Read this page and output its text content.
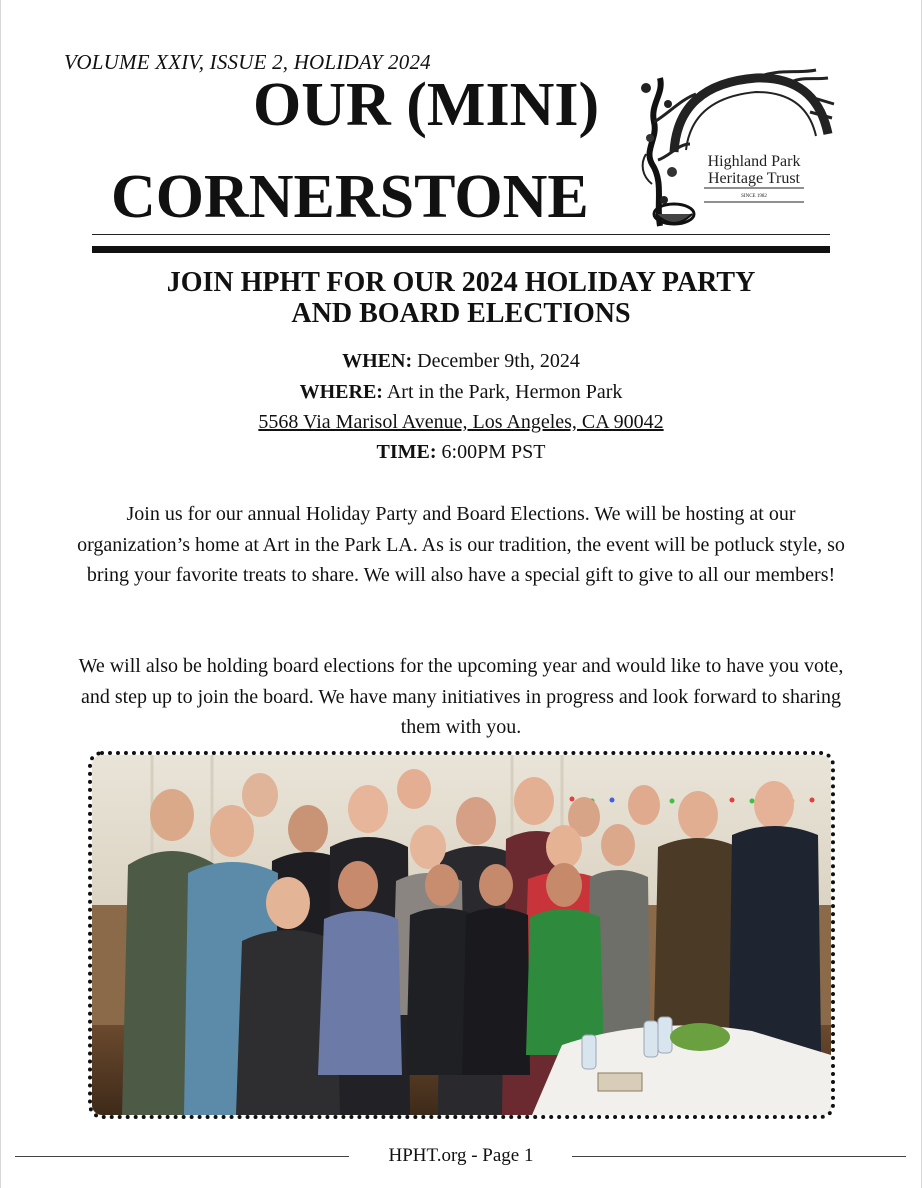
VOLUME XXIV, ISSUE 2, HOLIDAY 2024
OUR (MINI)
CORNERSTONE
Highland Park
Heritage Trust
SINCE 1982
JOIN HPHT FOR OUR 2024 HOLIDAY PARTY
AND BOARD ELECTIONS
WHEN: December 9th, 2024
WHERE: Art in the Park, Hermon Park
5568 Via Marisol Avenue, Los Angeles, CA 90042
TIME: 6:00PM PST
Join us for our annual Holiday Party and Board Elections. We will be hosting at our organization’s home at Art in the Park LA. As is our tradition, the event will be potluck style, so bring your favorite treats to share. We will also have a special gift to give to all our members!
We will also be holding board elections for the upcoming year and would like to have you vote, and step up to join the board. We have many initiatives in progress and look forward to sharing them with you.
HPHT.org - Page 1
